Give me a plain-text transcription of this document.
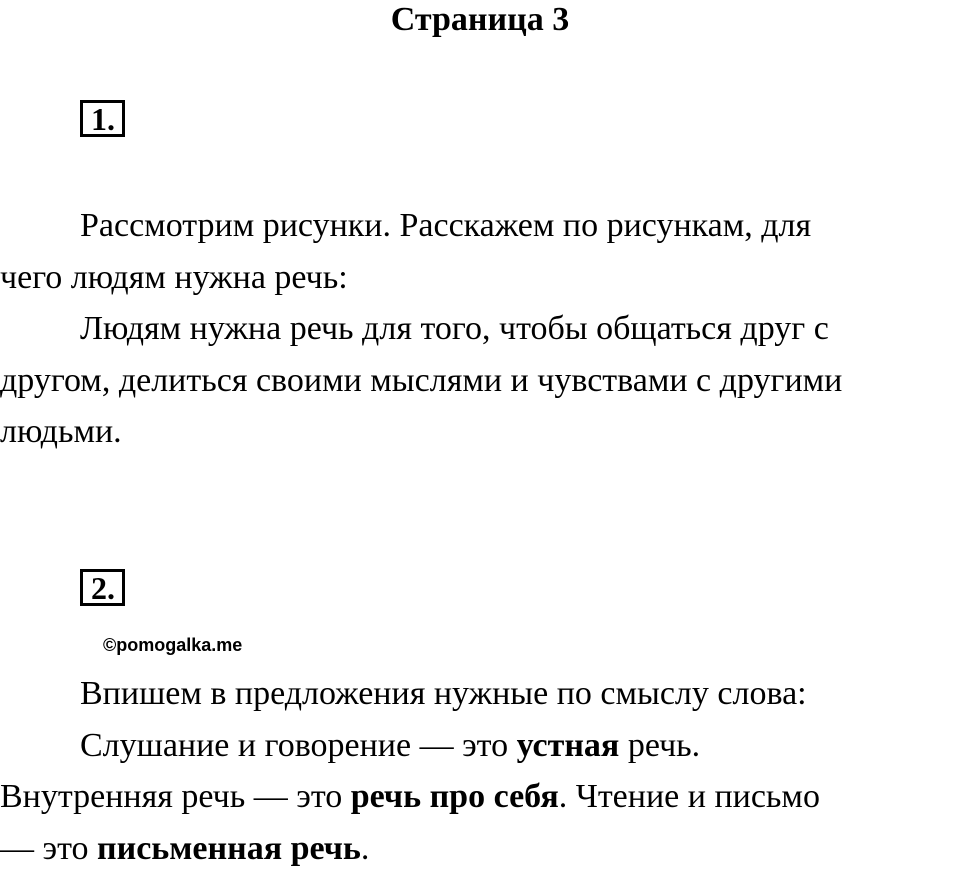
Страница 3
1.
Рассмотрим рисунки. Расскажем по рисункам, для
чего людям нужна речь:
Людям нужна речь для того, чтобы общаться друг с
другом, делиться своими мыслями и чувствами с другими
людьми.
2.
©pomogalka.me
Впишем в предложения нужные по смыслу слова:
Слушание и говорение — это устная речь.
Внутренняя речь — это речь про себя. Чтение и письмо
— это письменная речь.
